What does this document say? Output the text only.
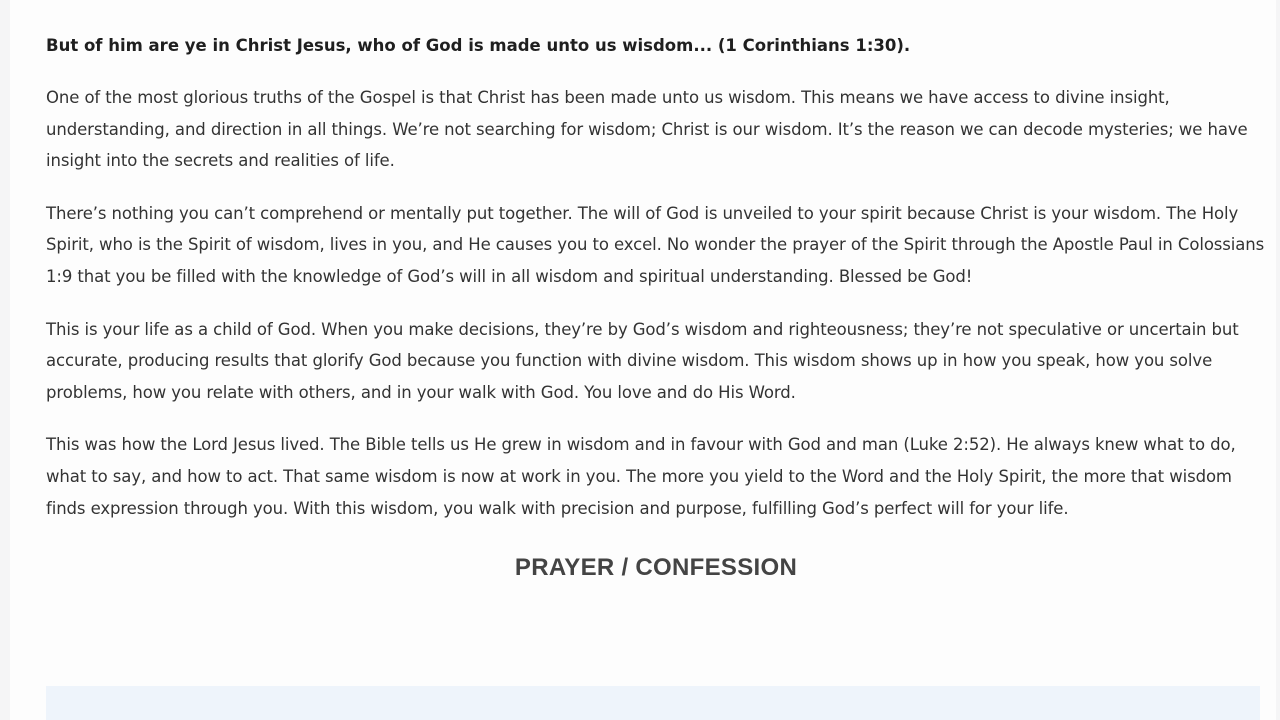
But of him are ye in Christ Jesus, who of God is made unto us wisdom... (1 Corinthians 1:30).

One of the most glorious truths of the Gospel is that Christ has been made unto us wisdom. This means we have access to divine insight, understanding, and direction in all things. We’re not searching for wisdom; Christ is our wisdom. It’s the reason we can decode mysteries; we have insight into the secrets and realities of life.

There’s nothing you can’t comprehend or mentally put together. The will of God is unveiled to your spirit because Christ is your wisdom. The Holy Spirit, who is the Spirit of wisdom, lives in you, and He causes you to excel. No wonder the prayer of the Spirit through the Apostle Paul in Colossians 1:9 that you be filled with the knowledge of God’s will in all wisdom and spiritual understanding. Blessed be God!

This is your life as a child of God. When you make decisions, they’re by God’s wisdom and righteousness; they’re not speculative or uncertain but accurate, producing results that glorify God because you function with divine wisdom. This wisdom shows up in how you speak, how you solve problems, how you relate with others, and in your walk with God. You love and do His Word.

This was how the Lord Jesus lived. The Bible tells us He grew in wisdom and in favour with God and man (Luke 2:52). He always knew what to do, what to say, and how to act. That same wisdom is now at work in you. The more you yield to the Word and the Holy Spirit, the more that wisdom finds expression through you. With this wisdom, you walk with precision and purpose, fulfilling God’s perfect will for your life.

PRAYER / CONFESSION
